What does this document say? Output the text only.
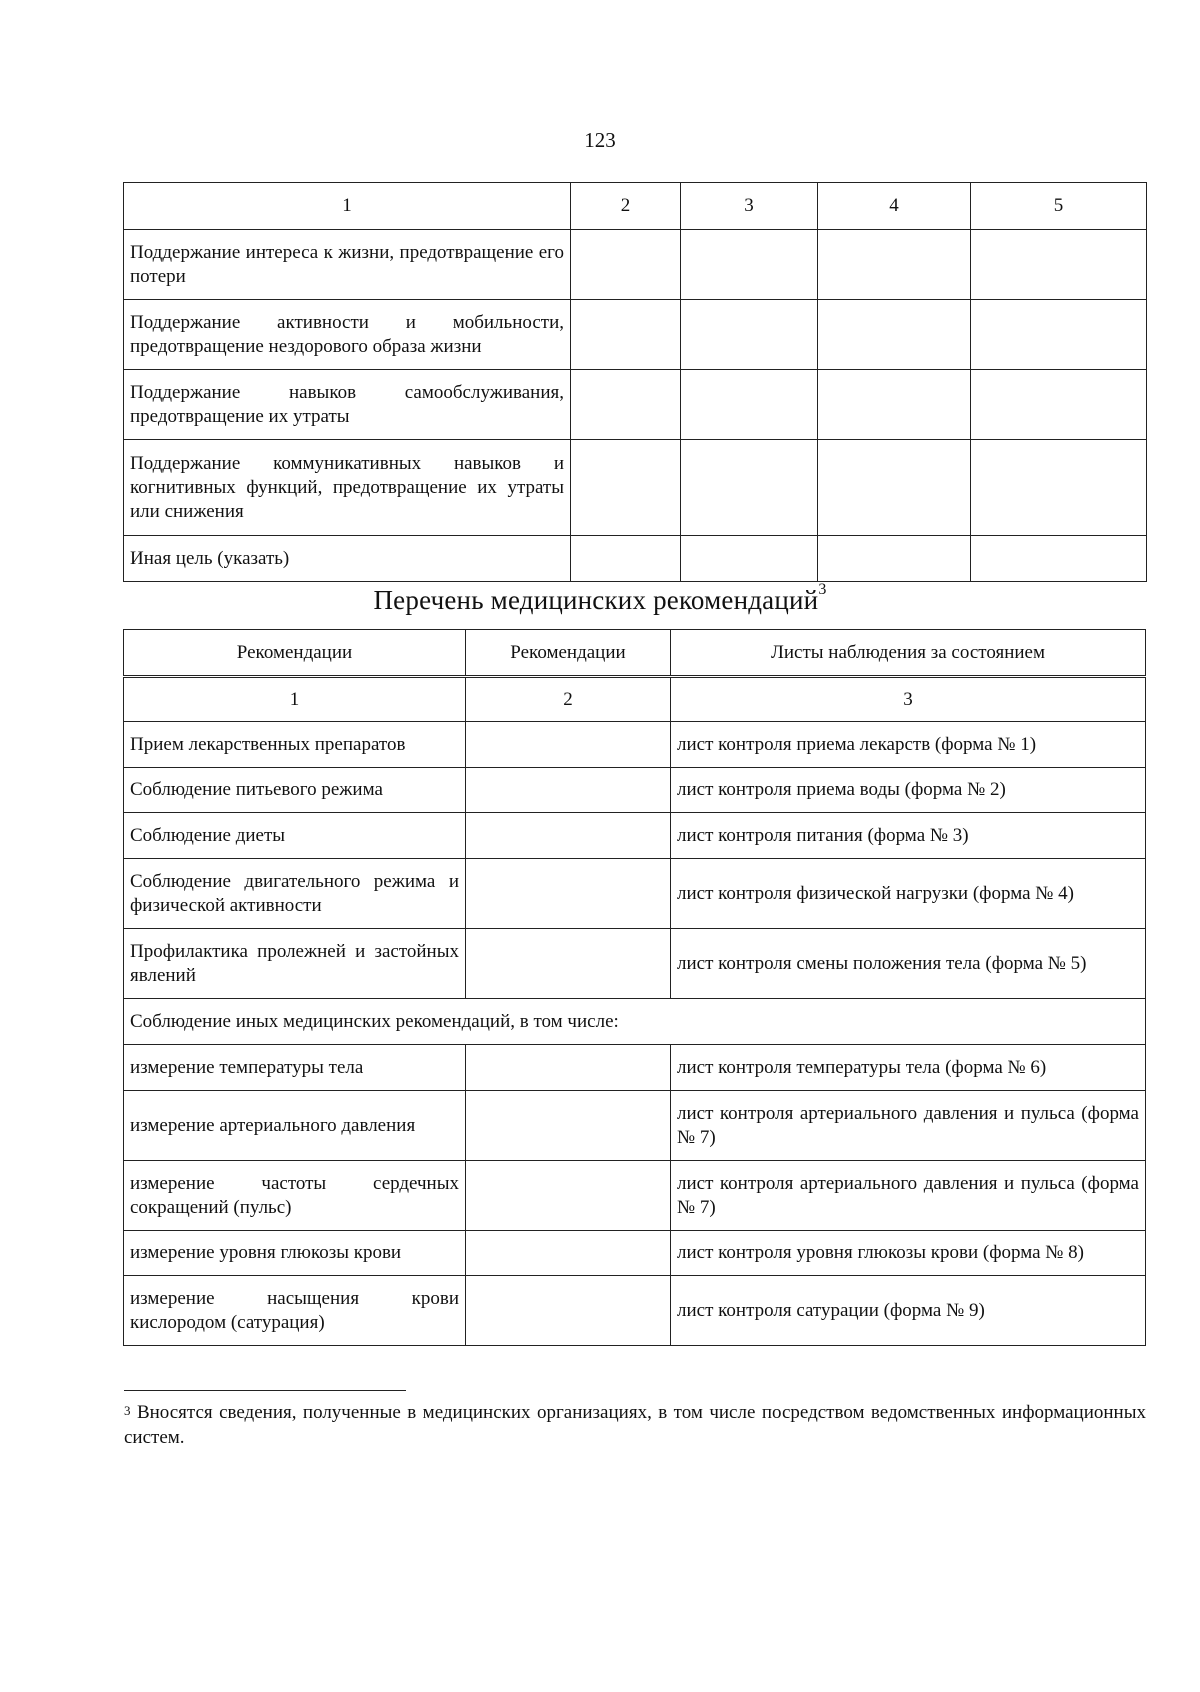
123
1	2	3	4	5
Поддержание интереса к жизни, предотвращение его потери				
Поддержание активности и мобильности, предотвращение нездорового образа жизни				
Поддержание навыков самообслуживания, предотвращение их утраты				
Поддержание коммуникативных навыков и когнитивных функций, предотвращение их утраты или снижения				
Иная цель (указать)				
Перечень медицинских рекомендаций$^3$
Рекомендации	Рекомендации	Листы наблюдения за состоянием
1	2	3
Прием лекарственных препаратов		лист контроля приема лекарств (форма № 1)
Соблюдение питьевого режима		лист контроля приема воды (форма № 2)
Соблюдение диеты		лист контроля питания (форма № 3)
Соблюдение двигательного режима и физической активности		лист контроля физической нагрузки (форма № 4)
Профилактика пролежней и застойных явлений		лист контроля смены положения тела (форма № 5)
Соблюдение иных медицинских рекомендаций, в том числе:		
измерение температуры тела		лист контроля температуры тела (форма № 6)
измерение артериального давления		лист контроля артериального давления и пульса (форма № 7)
измерение частоты сердечных сокращений (пульс)		лист контроля артериального давления и пульса (форма № 7)
измерение уровня глюкозы крови		лист контроля уровня глюкозы крови (форма № 8)
измерение насыщения крови кислородом (сатурация)		лист контроля сатурации (форма № 9)
$^3$ Вносятся сведения, полученные в медицинских организациях, в том числе посредством ведомственных информационных систем.
